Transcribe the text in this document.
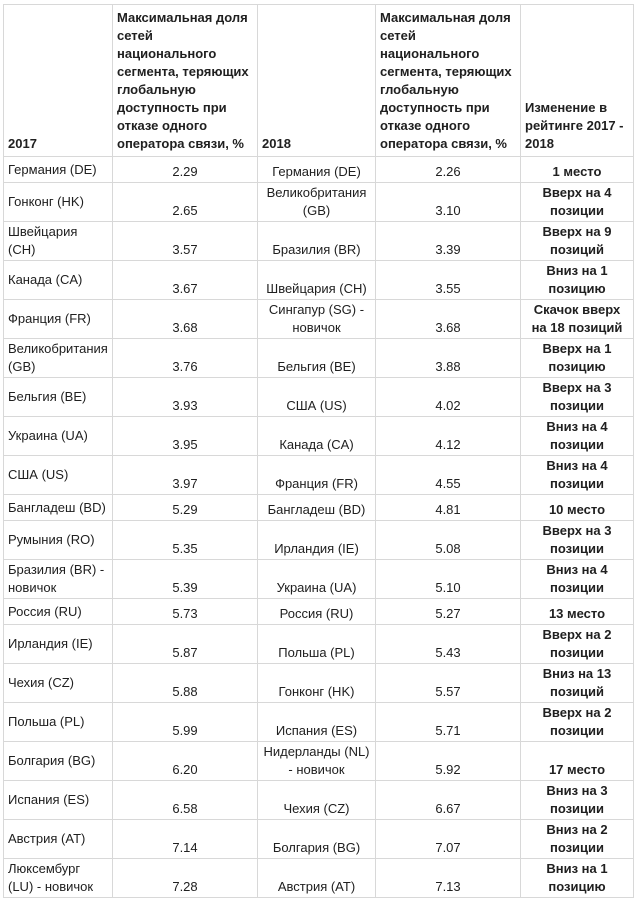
2017	Максимальная доля сетей национального сегмента, теряющих глобальную доступность при отказе одного оператора связи, %	2018	Максимальная доля сетей национального сегмента, теряющих глобальную доступность при отказе одного оператора связи, %	Изменение в рейтинге 2017 - 2018
Германия (DE)	2.29	Германия (DE)	2.26	1 место
Гонконг (HK)	2.65	Великобритания (GB)	3.10	Вверх на 4 позиции
Швейцария (CH)	3.57	Бразилия (BR)	3.39	Вверх на 9 позиций
Канада (CA)	3.67	Швейцария (CH)	3.55	Вниз на 1 позицию
Франция (FR)	3.68	Сингапур (SG) - новичок	3.68	Скачок вверх на 18 позиций
Великобритания (GB)	3.76	Бельгия (BE)	3.88	Вверх на 1 позицию
Бельгия (BE)	3.93	США (US)	4.02	Вверх на 3 позиции
Украина (UA)	3.95	Канада (CA)	4.12	Вниз на 4 позиции
США (US)	3.97	Франция (FR)	4.55	Вниз на 4 позиции
Бангладеш (BD)	5.29	Бангладеш (BD)	4.81	10 место
Румыния (RO)	5.35	Ирландия (IE)	5.08	Вверх на 3 позиции
Бразилия (BR) - новичок	5.39	Украина (UA)	5.10	Вниз на 4 позиции
Россия (RU)	5.73	Россия (RU)	5.27	13 место
Ирландия (IE)	5.87	Польша (PL)	5.43	Вверх на 2 позиции
Чехия (CZ)	5.88	Гонконг (HK)	5.57	Вниз на 13 позиций
Польша (PL)	5.99	Испания (ES)	5.71	Вверх на 2 позиции
Болгария (BG)	6.20	Нидерланды (NL) - новичок	5.92	17 место
Испания (ES)	6.58	Чехия (CZ)	6.67	Вниз на 3 позиции
Австрия (AT)	7.14	Болгария (BG)	7.07	Вниз на 2 позиции
Люксембург (LU) - новичок	7.28	Австрия (AT)	7.13	Вниз на 1 позицию
